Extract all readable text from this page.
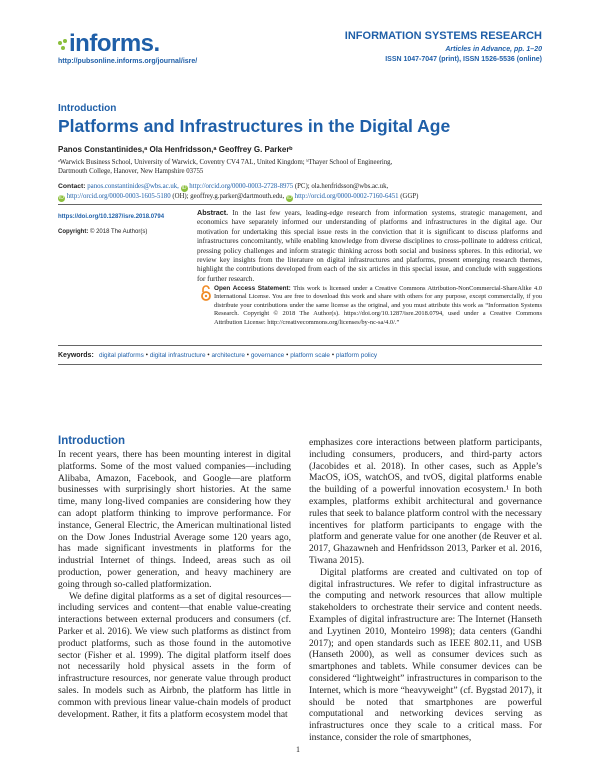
informs.
http://pubsonline.informs.org/journal/isre/
INFORMATION SYSTEMS RESEARCH
Articles in Advance, pp. 1–20
ISSN 1047-7047 (print), ISSN 1526-5536 (online)
Introduction
Platforms and Infrastructures in the Digital Age
Panos Constantinides,ᵃ Ola Henfridsson,ᵃ Geoffrey G. Parkerᵇ
ᵃWarwick Business School, University of Warwick, Coventry CV4 7AL, United Kingdom; ᵇThayer School of Engineering,
Dartmouth College, Hanover, New Hampshire 03755
Contact: panos.constantinides@wbs.ac.uk, iD http://orcid.org/0000-0003-2728-8975 (PC); ola.henfridsson@wbs.ac.uk,
iD http://orcid.org/0000-0003-1605-5180 (OH); geoffrey.g.parker@dartmouth.edu, iD http://orcid.org/0000-0002-7160-6451 (GGP)
https://doi.org/10.1287/isre.2018.0794
Copyright: © 2018 The Author(s)
Abstract. In the last few years, leading-edge research from information systems, strategic management, and economics have separately informed our understanding of platforms and infrastructures in the digital age. Our motivation for undertaking this special issue rests in the conviction that it is significant to discuss platforms and infrastructures concomitantly, while enabling knowledge from diverse disciplines to cross-pollinate to address critical, pressing policy challenges and inform strategic thinking across both social and business spheres. In this editorial, we review key insights from the literature on digital infrastructures and platforms, present emerging research themes, highlight the contributions developed from each of the six articles in this special issue, and conclude with suggestions for further research.
Open Access Statement: This work is licensed under a Creative Commons Attribution-NonCommercial-ShareAlike 4.0 International License. You are free to download this work and share with others for any purpose, except commercially, if you distribute your contributions under the same license as the original, and you must attribute this work as “Information Systems Research. Copyright © 2018 The Author(s). https://doi.org/10.1287/isre.2018.0794, used under a Creative Commons Attribution License: http://creativecommons.org/licenses/by-nc-sa/4.0/.”
Keywords: digital platforms • digital infrastructure • architecture • governance • platform scale • platform policy
Introduction

In recent years, there has been mounting interest in digital platforms. Some of the most valued companies—including Alibaba, Amazon, Facebook, and Google—are platform businesses with surprisingly short histories. At the same time, many long-lived companies are considering how they can adopt platform thinking to improve performance. For instance, General Electric, the American multinational listed on the Dow Jones Industrial Average some 120 years ago, has made significant investments in platforms for the industrial Internet of things. Indeed, areas such as oil production, power generation, and heavy machinery are going through so-called platformization.

We define digital platforms as a set of digital resources—including services and content—that enable value-creating interactions between external producers and consumers (cf. Parker et al. 2016). We view such platforms as distinct from product platforms, such as those found in the automotive sector (Fisher et al. 1999). The digital platform itself does not necessarily hold physical assets in the form of infrastructure resources, nor generate value through product sales. In models such as Airbnb, the platform has little in common with previous linear value-chain models of product development. Rather, it fits a platform ecosystem model that

emphasizes core interactions between platform participants, including consumers, producers, and third-party actors (Jacobides et al. 2018). In other cases, such as Apple’s MacOS, iOS, watchOS, and tvOS, digital platforms enable the building of a powerful innovation ecosystem.¹ In both examples, platforms exhibit architectural and governance rules that seek to balance platform control with the necessary incentives for platform participants to engage with the platform and generate value for one another (de Reuver et al. 2017, Ghazawneh and Henfridsson 2013, Parker et al. 2016, Tiwana 2015).

Digital platforms are created and cultivated on top of digital infrastructures. We refer to digital infrastructure as the computing and network resources that allow multiple stakeholders to orchestrate their service and content needs. Examples of digital infrastructure are: The Internet (Hanseth and Lyytinen 2010, Monteiro 1998); data centers (Gandhi 2017); and open standards such as IEEE 802.11, and USB (Hanseth 2000), as well as consumer devices such as smartphones and tablets. While consumer devices can be considered “lightweight” infrastructures in comparison to the Internet, which is more “heavyweight” (cf. Bygstad 2017), it should be noted that smartphones are powerful computational and networking devices serving as infrastructures once they scale to a critical mass. For instance, consider the role of smartphones,

1
